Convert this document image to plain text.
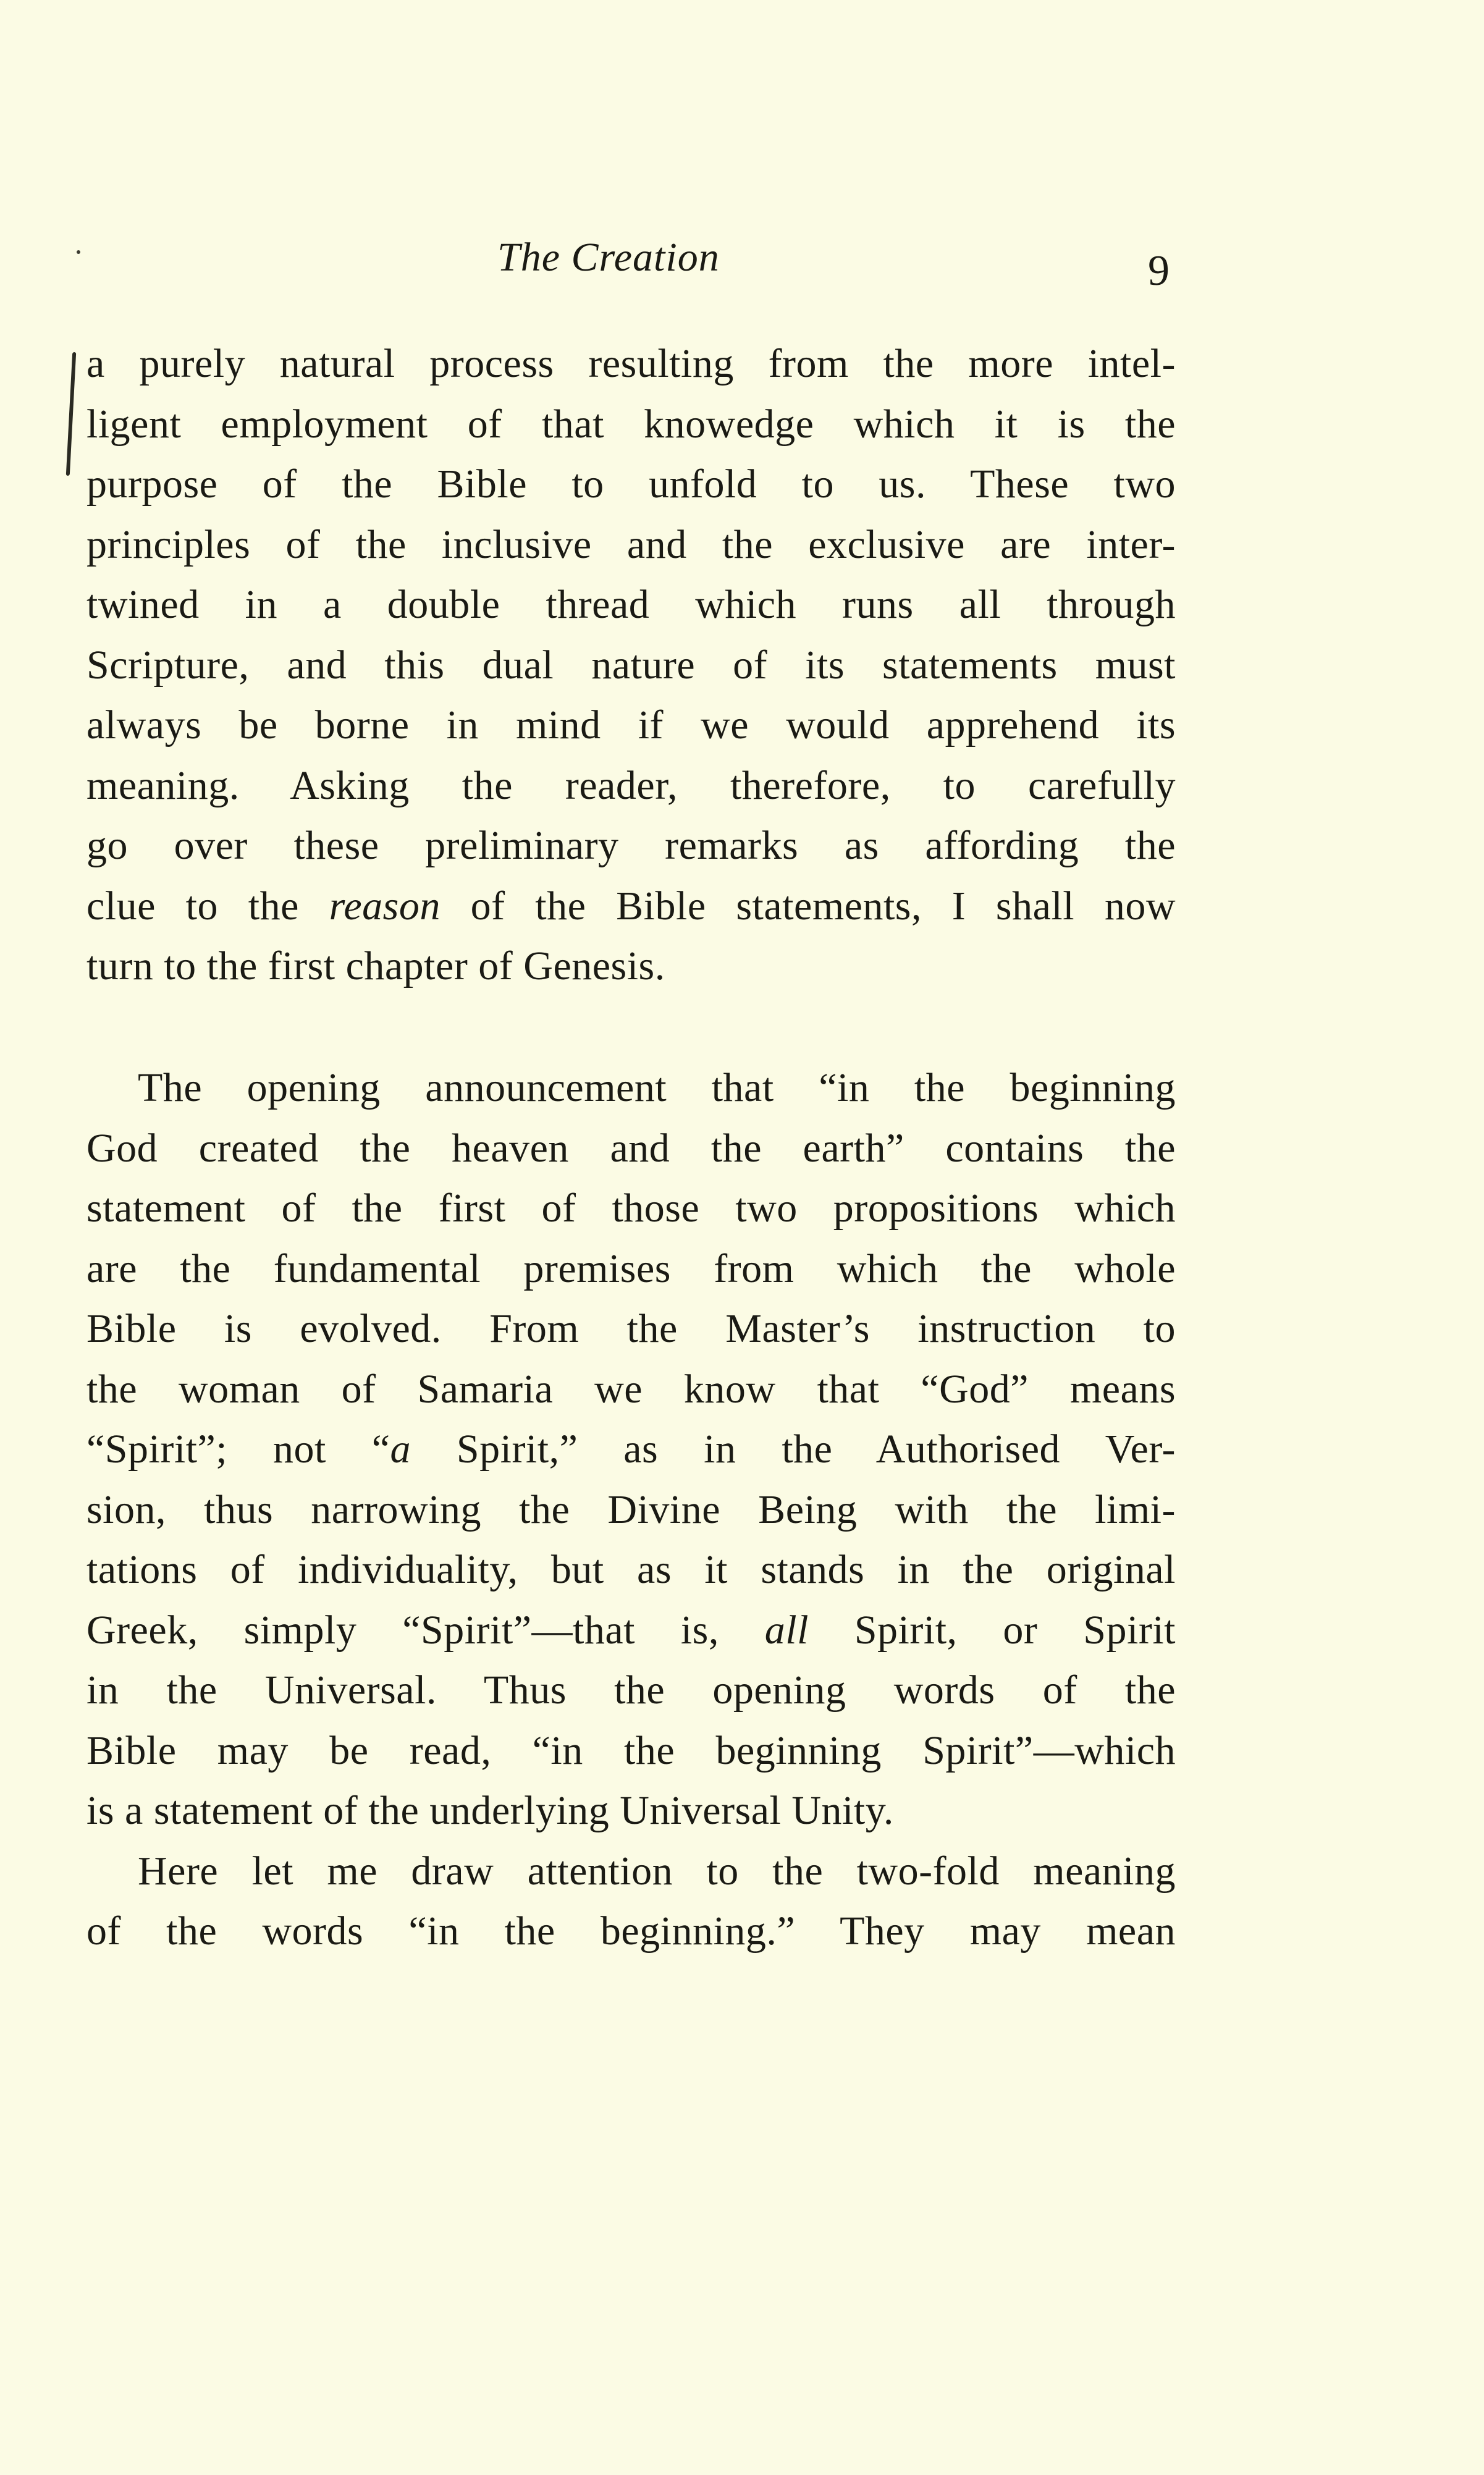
The Creation	9
a purely natural process resulting from the more intel-
ligent employment of that knowedge which it is the
purpose of the Bible to unfold to us. These two
principles of the inclusive and the exclusive are inter-
twined in a double thread which runs all through
Scripture, and this dual nature of its statements must
always be borne in mind if we would apprehend its
meaning. Asking the reader, therefore, to carefully
go over these preliminary remarks as affording the
clue to the reason of the Bible statements, I shall now
turn to the first chapter of Genesis.
The opening announcement that “in the beginning
God created the heaven and the earth” contains the
statement of the first of those two propositions which
are the fundamental premises from which the whole
Bible is evolved. From the Master’s instruction to
the woman of Samaria we know that “God” means
“Spirit”; not “a Spirit,” as in the Authorised Ver-
sion, thus narrowing the Divine Being with the limi-
tations of individuality, but as it stands in the original
Greek, simply “Spirit”—that is, all Spirit, or Spirit
in the Universal. Thus the opening words of the
Bible may be read, “in the beginning Spirit”—which
is a statement of the underlying Universal Unity.
Here let me draw attention to the two-fold meaning
of the words “in the beginning.” They may mean
